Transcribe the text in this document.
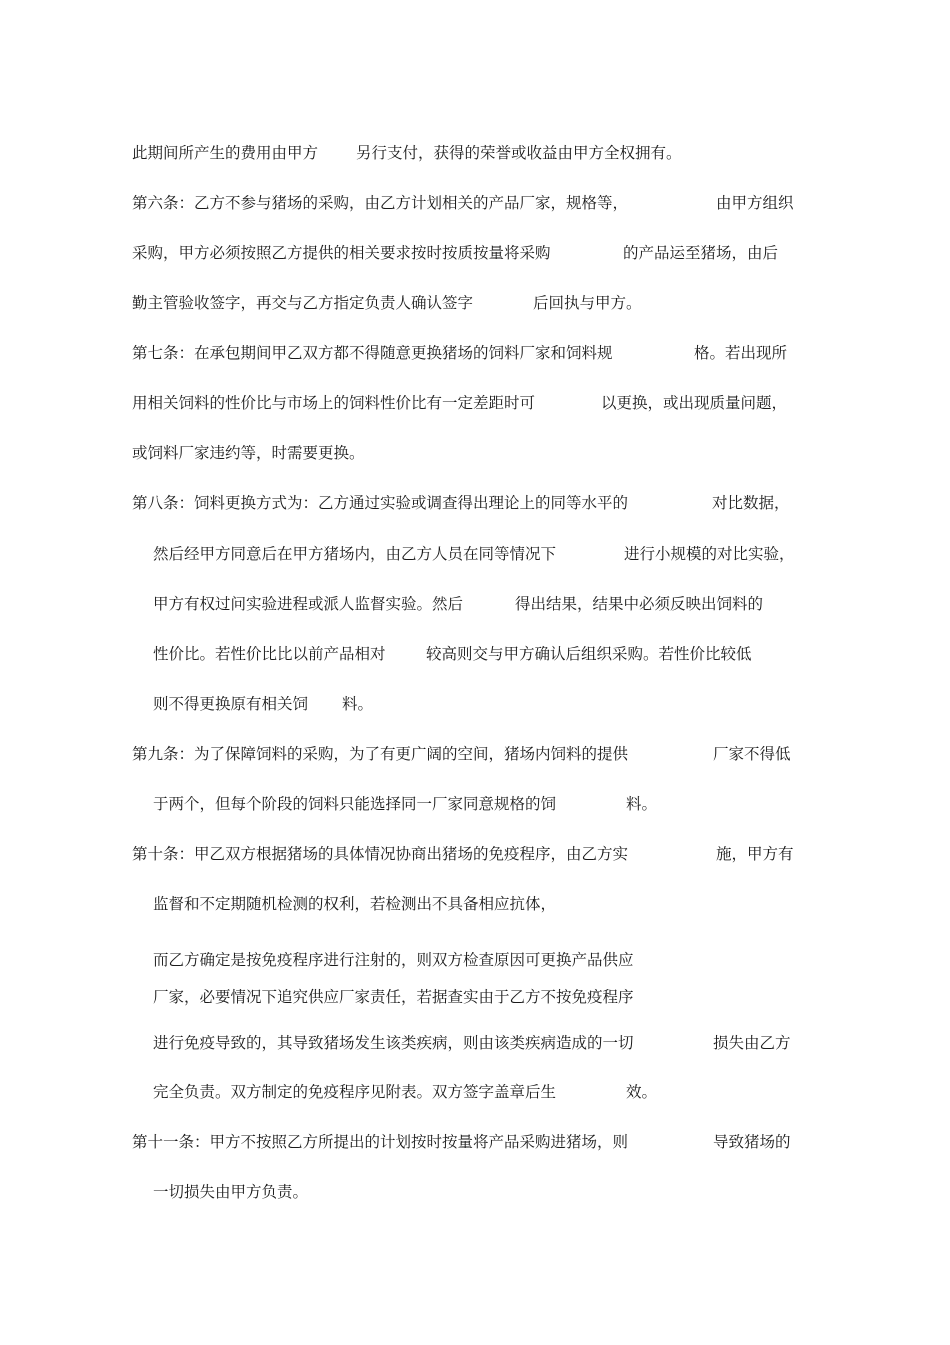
此期间所产生的费用由甲方 另行支付，获得的荣誉或收益由甲方全权拥有。
第六条：乙方不参与猪场的采购，由乙方计划相关的产品厂家，规格等，	由甲方组织
采购，甲方必须按照乙方提供的相关要求按时按质按量将采购	的产品运至猪场，由后
勤主管验收签字，再交与乙方指定负责人确认签字	后回执与甲方。
第七条：在承包期间甲乙双方都不得随意更换猪场的饲料厂家和饲料规	格。若出现所
用相关饲料的性价比与市场上的饲料性价比有一定差距时可	以更换，或出现质量问题，
或饲料厂家违约等，时需要更换。
第八条：饲料更换方式为：乙方通过实验或调查得出理论上的同等水平的	对比数据，
然后经甲方同意后在甲方猪场内，由乙方人员在同等情况下	进行小规模的对比实验，
甲方有权过问实验进程或派人监督实验。然后	得出结果，结果中必须反映出饲料的
性价比。若性价比比以前产品相对	较高则交与甲方确认后组织采购。若性价比较低
则不得更换原有相关饲 料。
第九条：为了保障饲料的采购，为了有更广阔的空间，猪场内饲料的提供	厂家不得低
于两个，但每个阶段的饲料只能选择同一厂家同意规格的饲	料。
第十条：甲乙双方根据猪场的具体情况协商出猪场的免疫程序，由乙方实	施，甲方有
监督和不定期随机检测的权利，若检测出不具备相应抗体，
而乙方确定是按免疫程序进行注射的，则双方检查原因可更换产品供应
厂家，必要情况下追究供应厂家责任，若据查实由于乙方不按免疫程序
进行免疫导致的，其导致猪场发生该类疾病，则由该类疾病造成的一切	损失由乙方
完全负责。双方制定的免疫程序见附表。双方签字盖章后生	效。
第十一条：甲方不按照乙方所提出的计划按时按量将产品采购进猪场，则	导致猪场的
一切损失由甲方负责。
